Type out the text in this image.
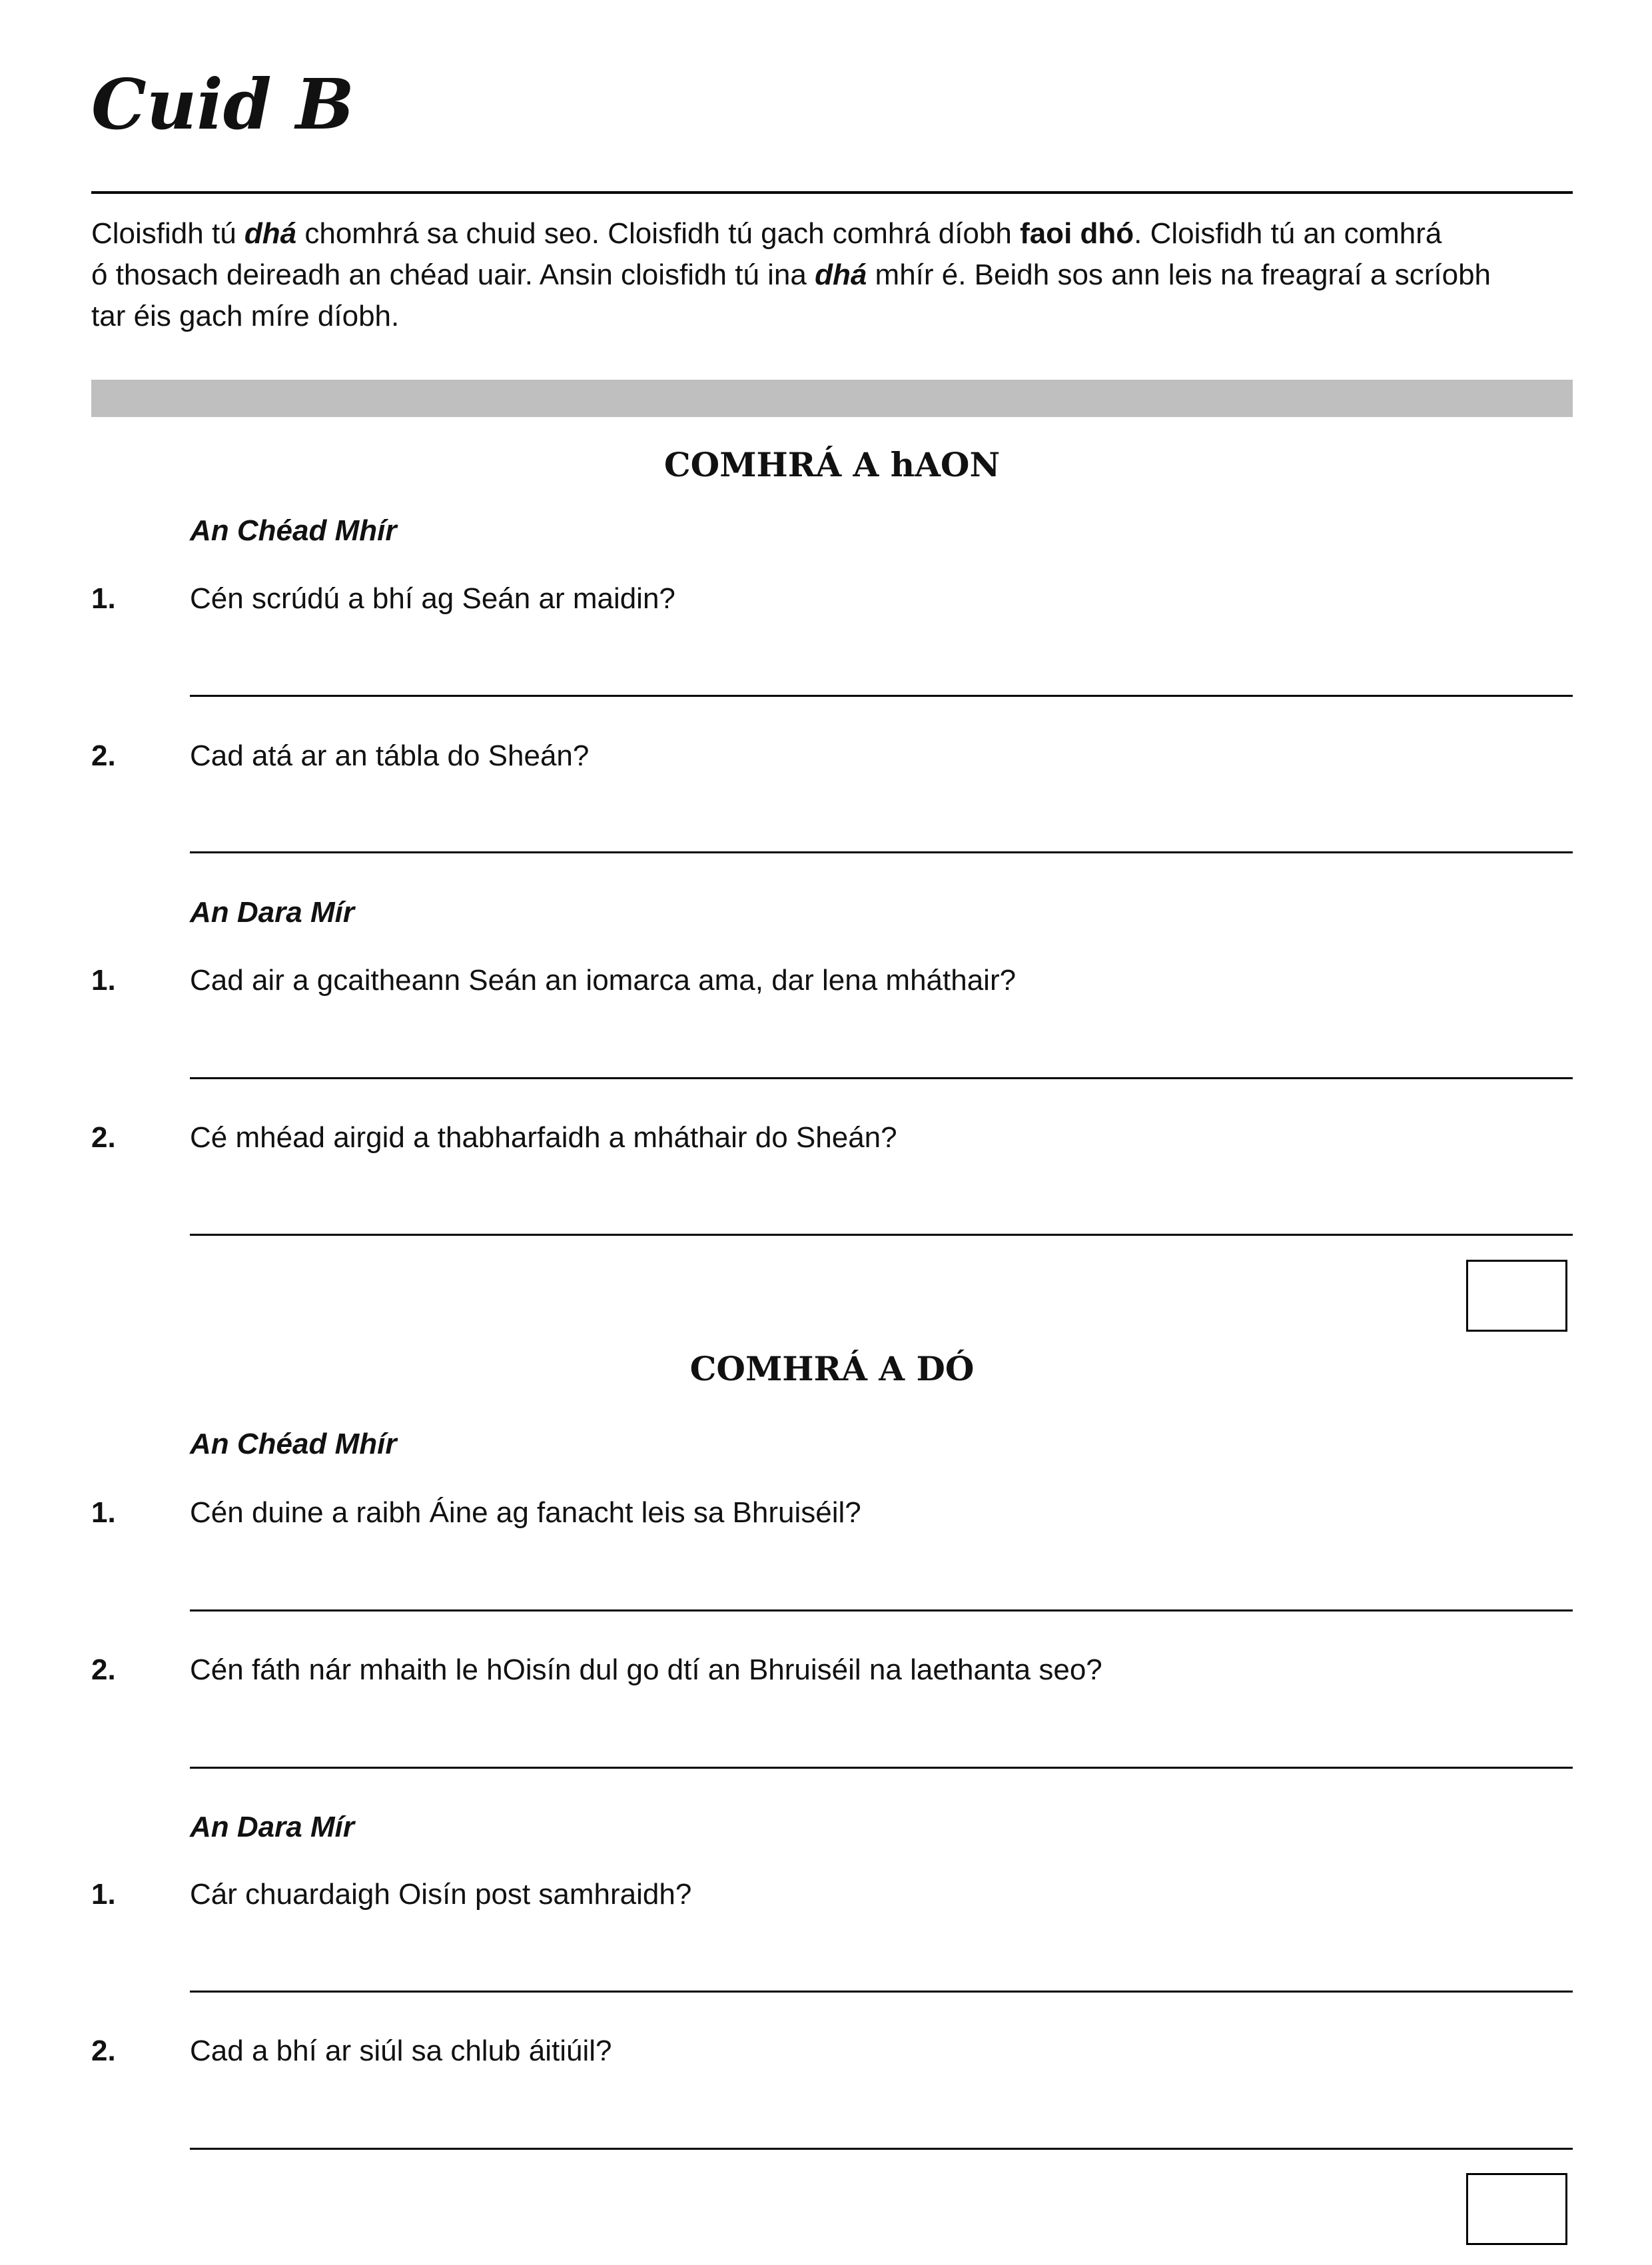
Cuid B

Cloisfidh tú dhá chomhrá sa chuid seo. Cloisfidh tú gach comhrá díobh faoi dhó. Cloisfidh tú an comhrá
ó thosach deireadh an chéad uair. Ansin cloisfidh tú ina dhá mhír é. Beidh sos ann leis na freagraí a scríobh
tar éis gach míre díobh.

COMHRÁ A hAON
An Chéad Mhír
1.	Cén scrúdú a bhí ag Seán ar maidin?
2.	Cad atá ar an tábla do Sheán?
An Dara Mír
1.	Cad air a gcaitheann Seán an iomarca ama, dar lena mháthair?
2.	Cé mhéad airgid a thabharfaidh a mháthair do Sheán?
COMHRÁ A DÓ
An Chéad Mhír
1.	Cén duine a raibh Áine ag fanacht leis sa Bhruiséil?
2.	Cén fáth nár mhaith le hOisín dul go dtí an Bhruiséil na laethanta seo?
An Dara Mír
1.	Cár chuardaigh Oisín post samhraidh?
2.	Cad a bhí ar siúl sa chlub áitiúil?
